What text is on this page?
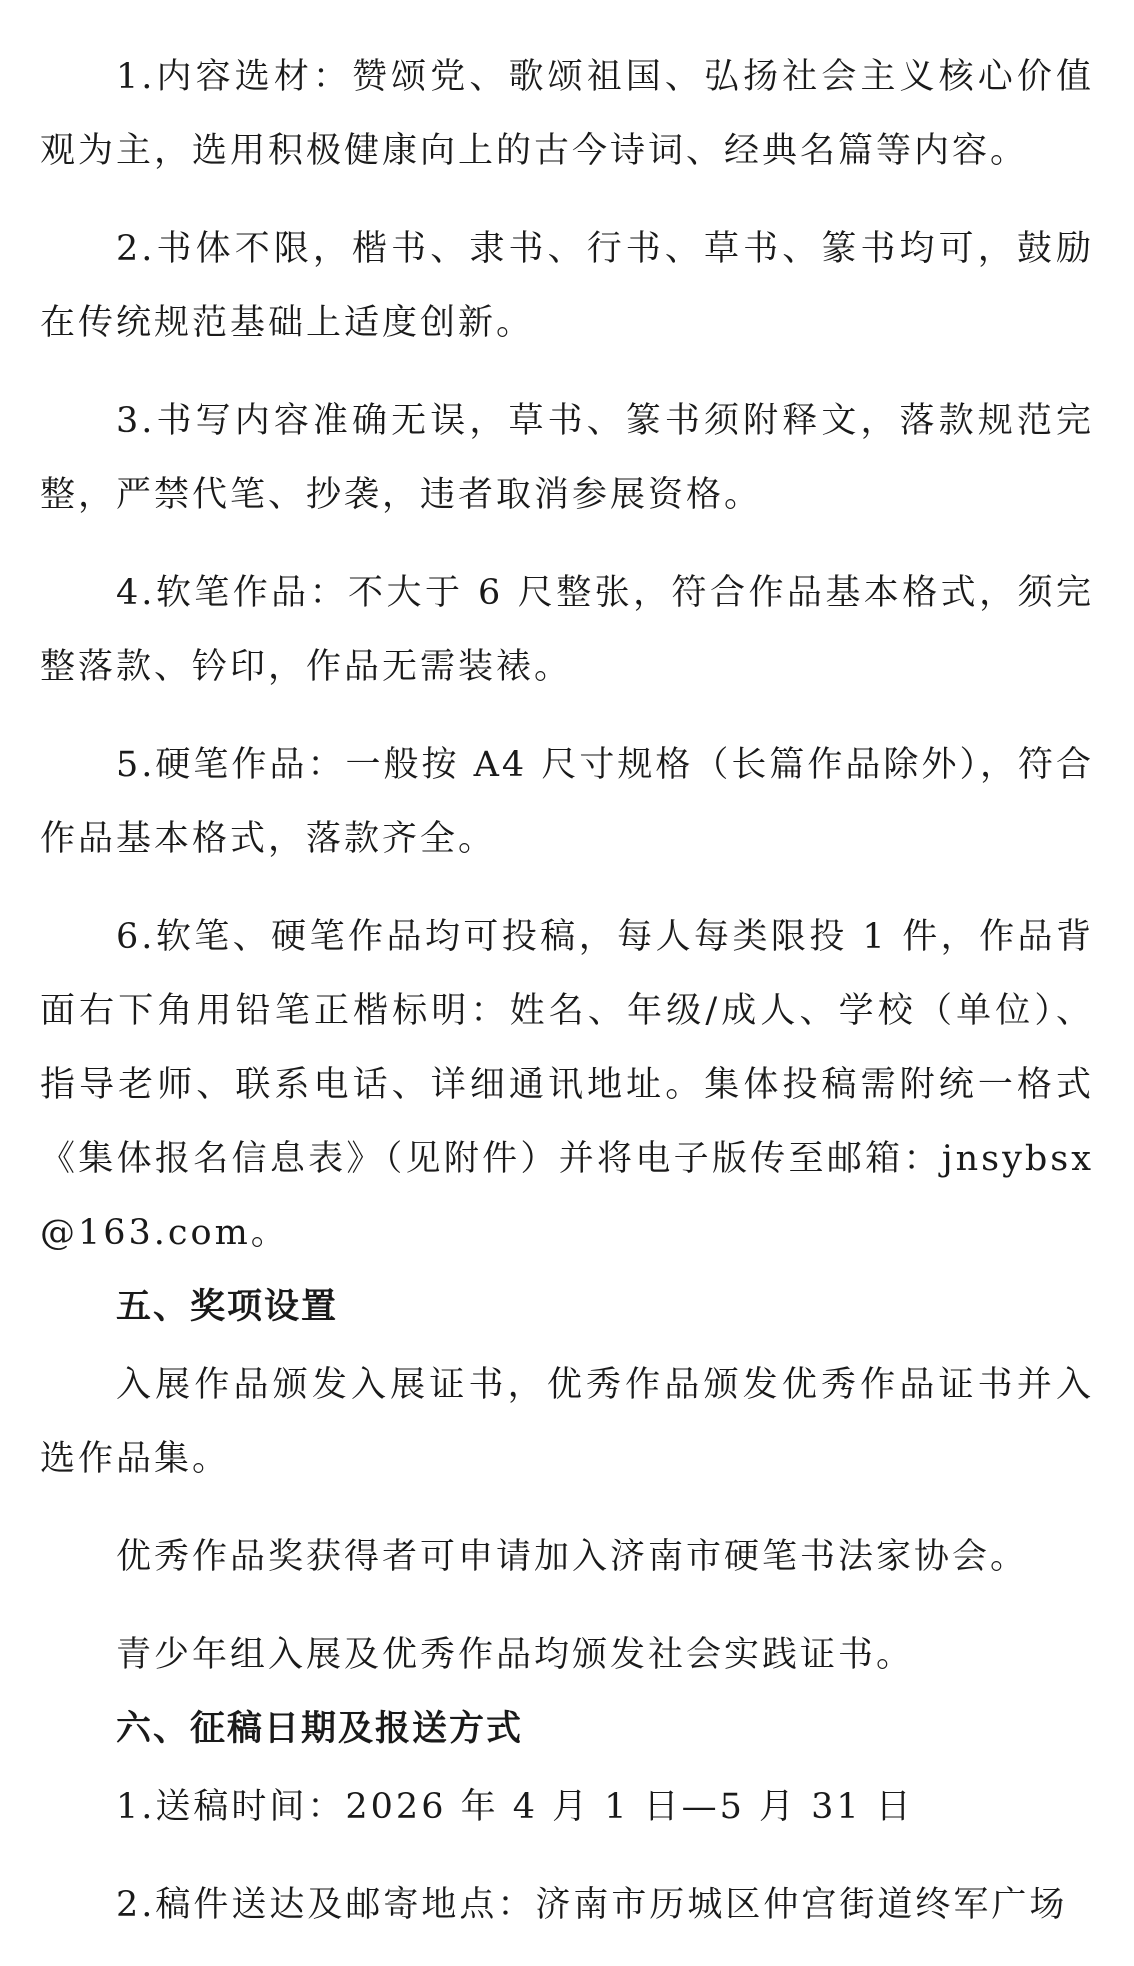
1.内容选材：赞颂党、歌颂祖国、弘扬社会主义核心价值观为主，选用积极健康向上的古今诗词、经典名篇等内容。

2.书体不限，楷书、隶书、行书、草书、篆书均可，鼓励在传统规范基础上适度创新。

3.书写内容准确无误，草书、篆书须附释文，落款规范完整，严禁代笔、抄袭，违者取消参展资格。

4.软笔作品：不大于 6 尺整张，符合作品基本格式，须完整落款、钤印，作品无需装裱。

5.硬笔作品：一般按 A4 尺寸规格（长篇作品除外），符合作品基本格式，落款齐全。

6.软笔、硬笔作品均可投稿，每人每类限投 1 件，作品背面右下角用铅笔正楷标明：姓名、年级/成人、学校（单位）、指导老师、联系电话、详细通讯地址。集体投稿需附统一格式《集体报名信息表》（见附件）并将电子版传至邮箱：jnsybsx@163.com。

五、奖项设置

入展作品颁发入展证书，优秀作品颁发优秀作品证书并入选作品集。

优秀作品奖获得者可申请加入济南市硬笔书法家协会。

青少年组入展及优秀作品均颁发社会实践证书。

六、征稿日期及报送方式

1.送稿时间：2026 年 4 月 1 日—5 月 31 日

2.稿件送达及邮寄地点：济南市历城区仲宫街道终军广场
